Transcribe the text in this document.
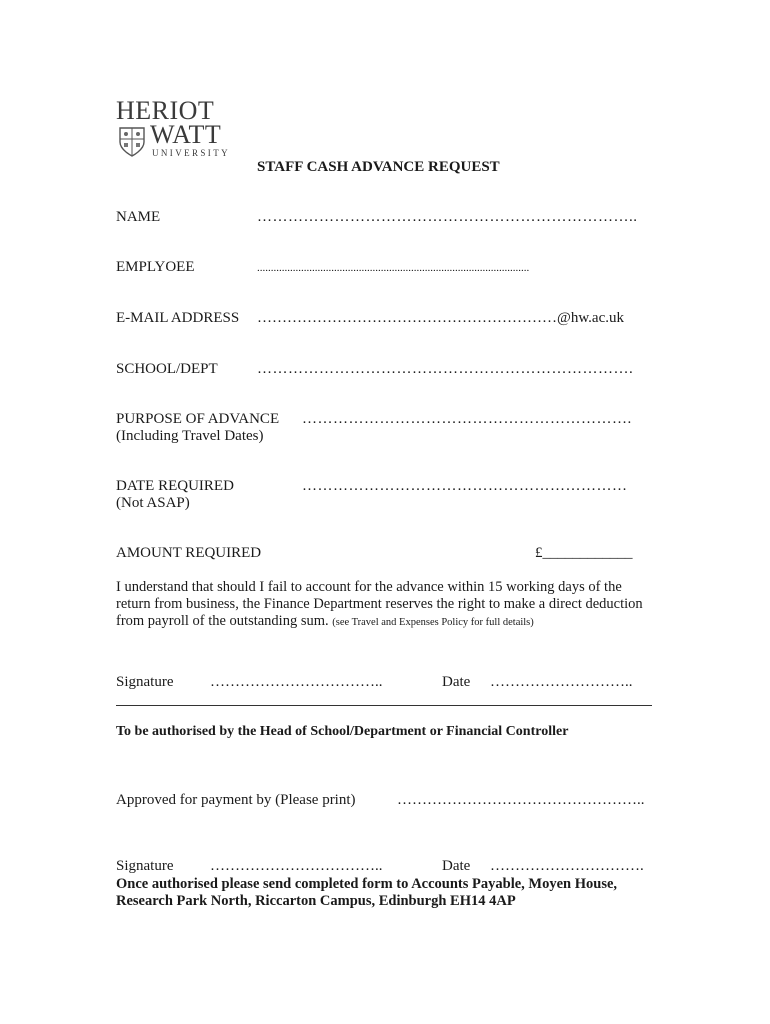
HERIOT
WATT
UNIVERSITY
STAFF CASH ADVANCE REQUEST
NAME	………………………………………………………………..
EMPLYOEE	...................................................................................................
E-MAIL ADDRESS ……………………………………………………@hw.ac.uk
SCHOOL/DEPT	……………………………………………………………….
PURPOSE OF ADVANCE
(Including Travel Dates)
……………………………………………………….
DATE REQUIRED
(Not ASAP)
………………………………………………………
AMOUNT REQUIRED	£____________
I understand that should I fail to account for the advance within 15 working days of the return from business, the Finance Department reserves the right to make a direct deduction from payroll of the outstanding sum. (see Travel and Expenses Policy for full details)
Signature ……………………………..	Date ………………………..
To be authorised by the Head of School/Department or Financial Controller
Approved for payment by (Please print)	…………………………………………..
Signature ……………………………..	Date ………………………….
Once authorised please send completed form to Accounts Payable, Moyen House, Research Park North, Riccarton Campus, Edinburgh EH14 4AP
